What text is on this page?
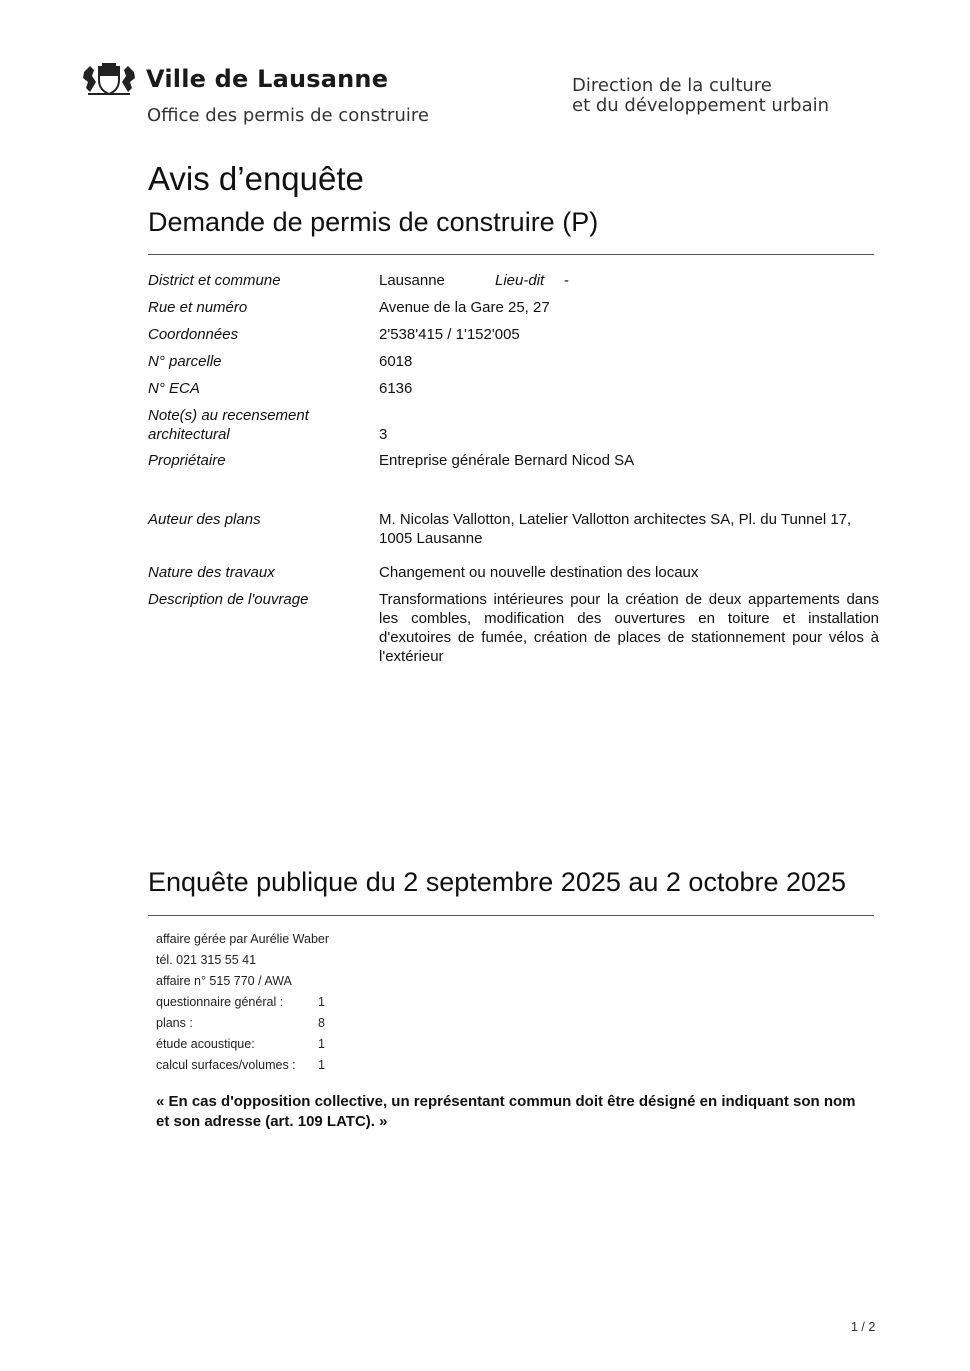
Ville de Lausanne
Office des permis de construire
Direction de la culture
et du développement urbain
Avis d’enquête
Demande de permis de construire (P)
District et commune	Lausanne	Lieu-dit -
Rue et numéro	Avenue de la Gare 25, 27
Coordonnées	2'538'415 / 1'152'005
N° parcelle	6018
N° ECA	6136
Note(s) au recensement
architectural	3
Propriétaire	Entreprise générale Bernard Nicod SA
Auteur des plans	M. Nicolas Vallotton, Latelier Vallotton architectes SA, Pl. du Tunnel 17, 1005 Lausanne
Nature des travaux	Changement ou nouvelle destination des locaux
Description de l'ouvrage	Transformations intérieures pour la création de deux appartements dans les combles, modification des ouvertures en toiture et installation d'exutoires de fumée, création de places de stationnement pour vélos à l'extérieur
Enquête publique du 2 septembre 2025 au 2 octobre 2025
affaire gérée par Aurélie Waber
tél. 021 315 55 41
affaire n° 515 770 / AWA
questionnaire général :	1
plans :	8
étude acoustique:	1
calcul surfaces/volumes : 1
« En cas d'opposition collective, un représentant commun doit être désigné en indiquant son nom et son adresse (art. 109 LATC). »
1 / 2
